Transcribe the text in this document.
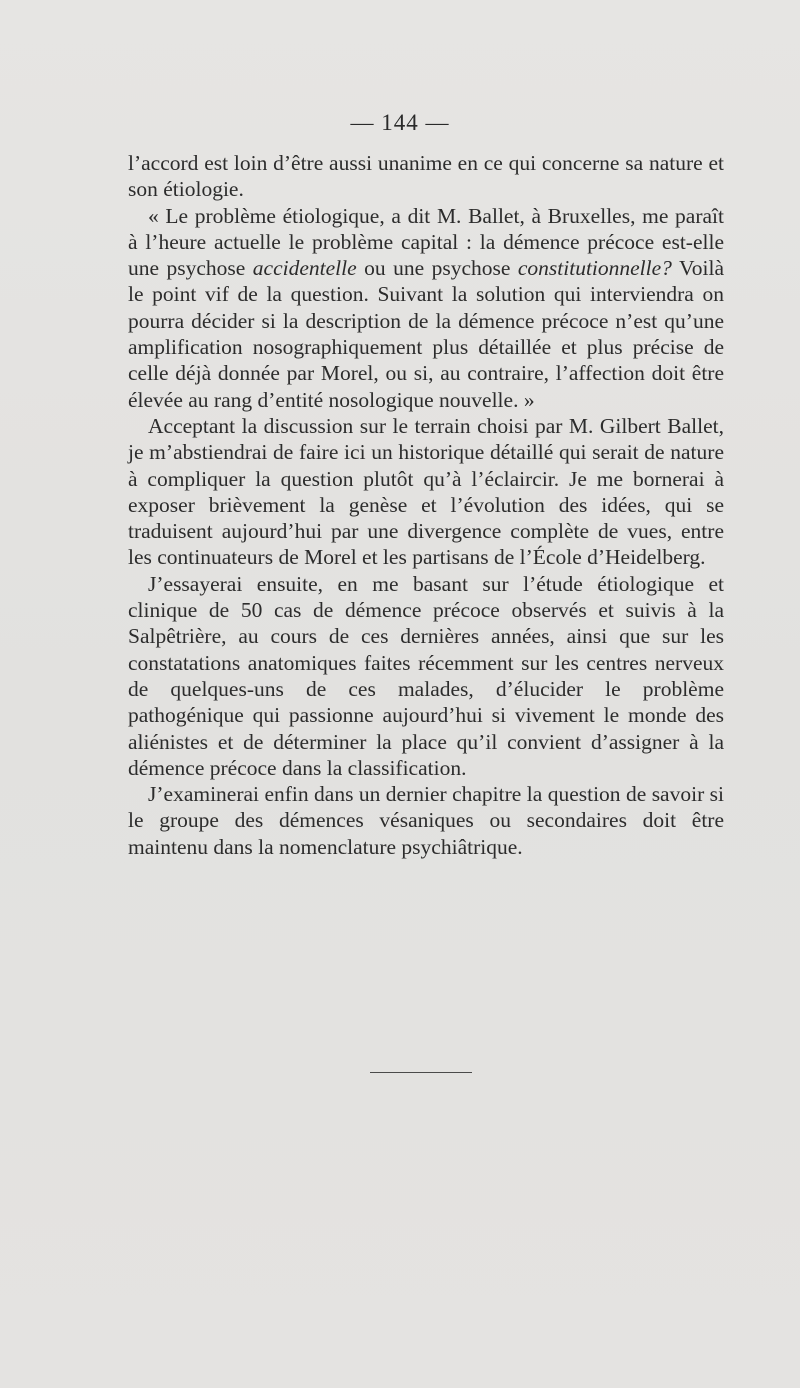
— 144 —

l’accord est loin d’être aussi unanime en ce qui concerne sa nature et son étiologie.

« Le problème étiologique, a dit M. Ballet, à Bruxelles, me paraît à l’heure actuelle le problème capital : la démence précoce est-elle une psychose accidentelle ou une psychose constitutionnelle? Voilà le point vif de la question. Suivant la solution qui interviendra on pourra décider si la description de la démence précoce n’est qu’une amplification nosographiquement plus détaillée et plus précise de celle déjà donnée par Morel, ou si, au contraire, l’affection doit être élevée au rang d’entité nosologique nouvelle. »

Acceptant la discussion sur le terrain choisi par M. Gilbert Ballet, je m’abstiendrai de faire ici un historique détaillé qui serait de nature à compliquer la question plutôt qu’à l’éclaircir. Je me bornerai à exposer brièvement la genèse et l’évolution des idées, qui se traduisent aujourd’hui par une divergence complète de vues, entre les continuateurs de Morel et les partisans de l’École d’Heidelberg.

J’essayerai ensuite, en me basant sur l’étude étiologique et clinique de 50 cas de démence précoce observés et suivis à la Salpêtrière, au cours de ces dernières années, ainsi que sur les constatations anatomiques faites récemment sur les centres nerveux de quelques-uns de ces malades, d’élucider le problème pathogénique qui passionne aujourd’hui si vivement le monde des aliénistes et de déterminer la place qu’il convient d’assigner à la démence précoce dans la classification.

J’examinerai enfin dans un dernier chapitre la question de savoir si le groupe des démences vésaniques ou secondaires doit être maintenu dans la nomenclature psychiâtrique.
